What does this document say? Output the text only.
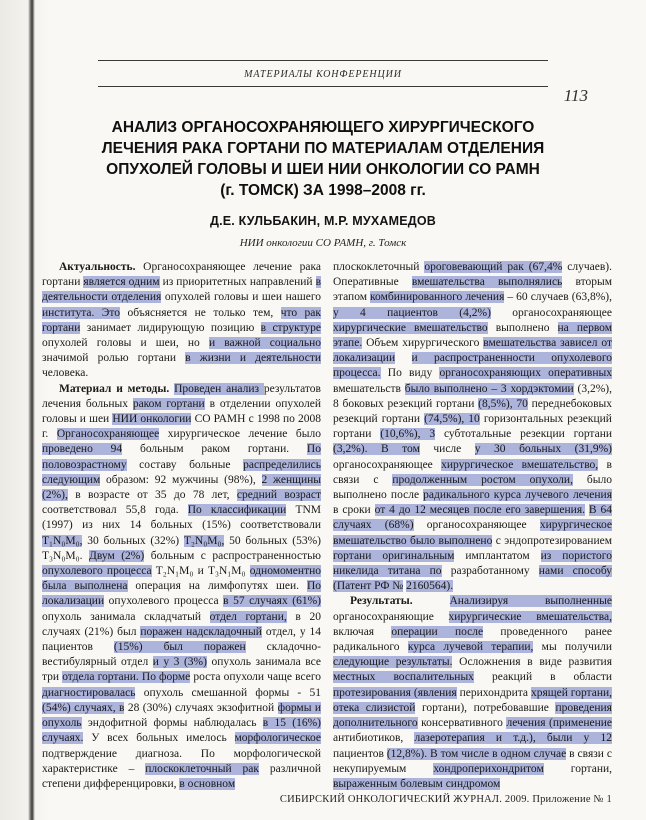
МАТЕРИАЛЫ КОНФЕРЕНЦИИ
113
АНАЛИЗ ОРГАНОСОХРАНЯЮЩЕГО ХИРУРГИЧЕСКОГО
ЛЕЧЕНИЯ РАКА ГОРТАНИ ПО МАТЕРИАЛАМ ОТДЕЛЕНИЯ
ОПУХОЛЕЙ ГОЛОВЫ И ШЕИ НИИ ОНКОЛОГИИ СО РАМН
(г. ТОМСК) ЗА 1998–2008 гг.
Д.Е. КУЛЬБАКИН, М.Р. МУХАМЕДОВ
НИИ онкологии СО РАМН, г. Томск

Актуальность. Органосохраняющее лечение рака гортани является одним из приоритетных направлений в деятельности отделения опухолей головы и шеи нашего института. Это объясняется не только тем, что рак гортани занимает лидирующую позицию в структуре опухолей головы и шеи, но и важной социально значимой ролью гортани в жизни и деятельности человека.

Материал и методы. Проведен анализ результатов лечения больных раком гортани в отделении опухолей головы и шеи НИИ онкологии СО РАМН с 1998 по 2008 г. Органосохраняющее хирургическое лечение было проведено 94 больным раком гортани. По половозрастному составу больные распределились следующим образом: 92 мужчины (98%), 2 женщины (2%), в возрасте от 35 до 78 лет, средний возраст соответствовал 55,8 года. По классификации TNM (1997) из них 14 больных (15%) соответствовали T₁N₀M₀, 30 больных (32%) T₂N₀M₀, 50 больных (53%) T₃N₀M₀. Двум (2%) больным с распространенностью опухолевого процесса T₂N₁M₀ и T₃N₁M₀ одномоментно была выполнена операция на лимфопутях шеи. По локализации опухолевого процесса в 57 случаях (61%) опухоль занимала складчатый отдел гортани, в 20 случаях (21%) был поражен надскладочный отдел, у 14 пациентов (15%) был поражен складочно-вестибулярный отдел и у 3 (3%) опухоль занимала все три отдела гортани. По форме роста опухоли чаще всего диагностировалась опухоль смешанной формы - 51 (54%) случаях, в 28 (30%) случаях экзофитной формы и опухоль эндофитной формы наблюдалась в 15 (16%) случаях. У всех больных имелось морфологическое подтверждение диагноза. По морфологической характеристике – плоскоклеточный рак различной степени дифференцировки, в основном

плоскоклеточный ороговевающий рак (67,4% случаев). Оперативные вмешательства выполнялись вторым этапом комбинированного лечения – 60 случаев (63,8%), у 4 пациентов (4,2%) органосохраняющее хирургические вмешательство выполнено на первом этапе. Объем хирургического вмешательства зависел от локализации и распространенности опухолевого процесса. По виду органосохраняющих оперативных вмешательств было выполнено – 3 хордэктомии (3,2%), 8 боковых резекций гортани (8,5%), 70 переднебоковых резекций гортани (74,5%), 10 горизонтальных резекций гортани (10,6%), 3 субтотальные резекции гортани (3,2%). В том числе у 30 больных (31,9%) органосохраняющее хирургическое вмешательство, в связи с продолженным ростом опухоли, было выполнено после радикального курса лучевого лечения в сроки от 4 до 12 месяцев после его завершения. В 64 случаях (68%) органосохраняющее хирургическое вмешательство было выполнено с эндопротезированием гортани оригинальным имплантатом из пористого никелида титана по разработанному нами способу (Патент РФ № 2160564).

Результаты. Анализируя выполненные органосохраняющие хирургические вмешательства, включая операции после проведенного ранее радикального курса лучевой терапии, мы получили следующие результаты. Осложнения в виде развития местных воспалительных реакций в области протезирования (явления перихондрита хрящей гортани, отека слизистой гортани), потребовавшие проведения дополнительного консервативного лечения (применение антибиотиков, лазеротерапия и т.д.), были у 12 пациентов (12,8%). В том числе в одном случае в связи с некупируемым хондроперихондритом гортани, выраженным болевым синдромом

СИБИРСКИЙ ОНКОЛОГИЧЕСКИЙ ЖУРНАЛ. 2009. Приложение № 1
